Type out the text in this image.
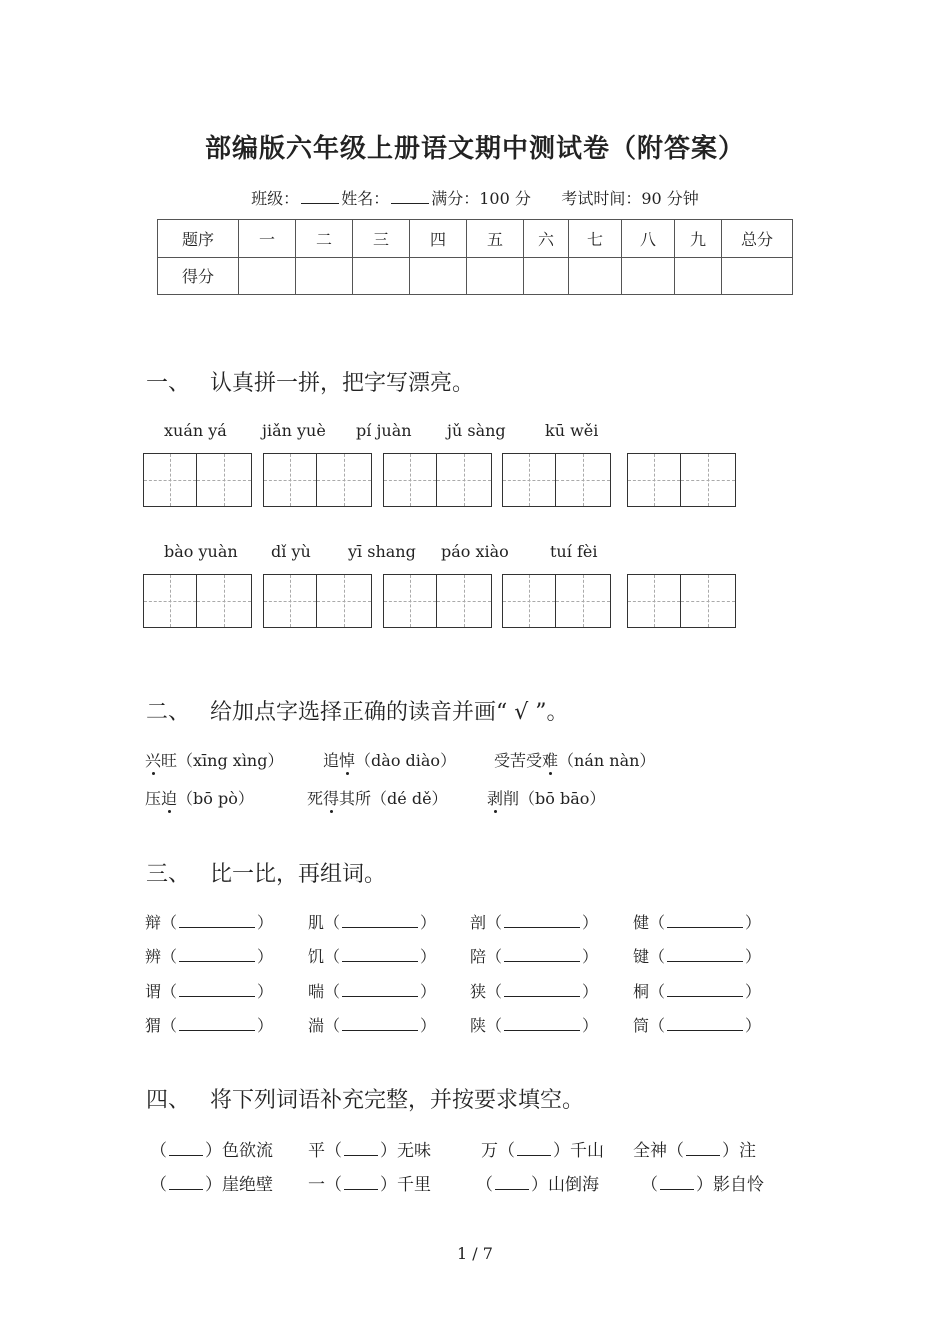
部编版六年级上册语文期中测试卷（附答案）
班级：	姓名：	满分：100 分 考试时间：90 分钟
题序	一	二	三	四	五	六	七	八	九	总分
得分										
一、 认真拼一拼，把字写漂亮。
xuán yá jiǎn yuè pí juàn jǔ sàng kū wěi
bào yuàn dǐ yù yī shang páo xiào	tuí fèi
二、 给加点字选择正确的读音并画“ √ ”。
兴旺（xīng xìng） 追悼（dào diào） 受苦受难（nán nàn）
压迫（bō pò）	死得其所（dé dě） 剥削（bō bāo）
三、 比一比，再组词。
辩（	） 肌（	） 剖（	） 健（	）
辨（	） 饥（	） 陪（	） 键（	）
谓（	） 喘（	） 狭（	） 桐（	）
猬（	） 湍（	） 陕（	） 筒（	）
四、 将下列词语补充完整，并按要求填空。
（ ）色欲流 平（ ）无味	万（ ）千山 全神（ ）注
（ ）崖绝壁 一（ ）千里	（ ）山倒海 （ ）影自怜
1 / 7
